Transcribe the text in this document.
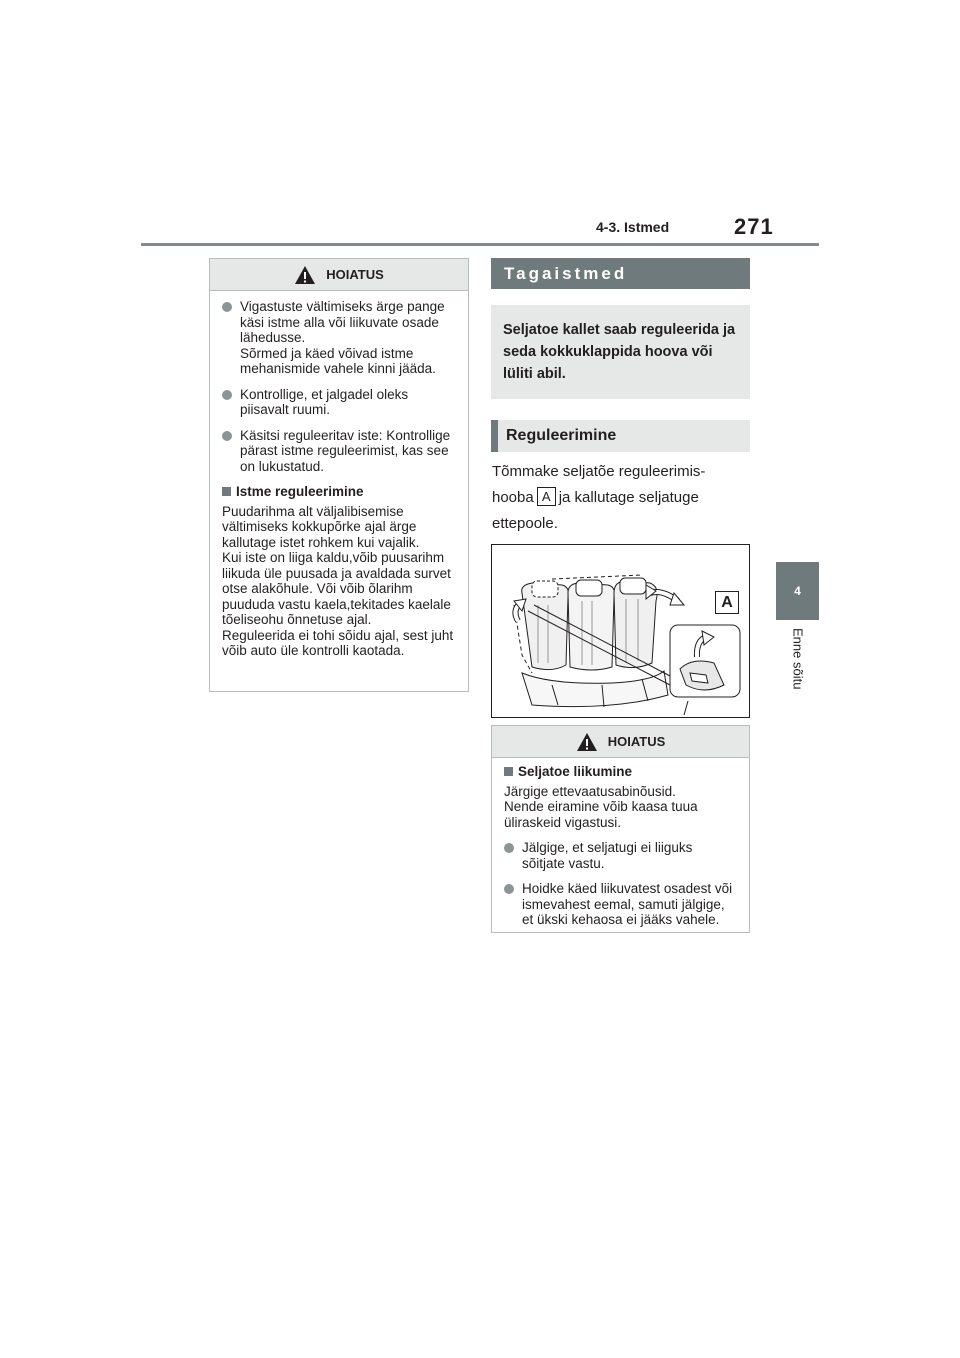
4-3. Istmed	271
4
Enne sõitu
HOIATUS
Vigastuste vältimiseks ärge pange käsi istme alla või liikuvate osade lähedusse.
Sõrmed ja käed võivad istme mehanismide vahele kinni jääda.
Kontrollige, et jalgadel oleks piisavalt ruumi.
Käsitsi reguleeritav iste: Kontrollige pärast istme reguleerimist, kas see on lukustatud.
Istme reguleerimine
Puudarihma alt väljalibisemise vältimiseks kokkupõrke ajal ärge kallutage istet rohkem kui vajalik.
Kui iste on liiga kaldu,võib puusarihm liikuda üle puusada ja avaldada survet otse alakõhule. Või võib õlarihm puududa vastu kaela,tekitades kaelale tõeliseohu õnnetuse ajal.
Reguleerida ei tohi sõidu ajal, sest juht võib auto üle kontrolli kaotada.
Tagaistmed
Seljatoe kallet saab reguleerida ja seda kokkuklappida hoova või lüliti abil.
Reguleerimine
Tõmmake seljatõe reguleerimis-
hooba A ja kallutage seljatuge
ettepoole.
A
HOIATUS
Seljatoe liikumine
Järgige ettevaatusabinõusid.
Nende eiramine võib kaasa tuua üliraskeid vigastusi.
Jälgige, et seljatugi ei liiguks sõitjate vastu.
Hoidke käed liikuvatest osadest või ismevahest eemal, samuti jälgige, et ükski kehaosa ei jääks vahele.
